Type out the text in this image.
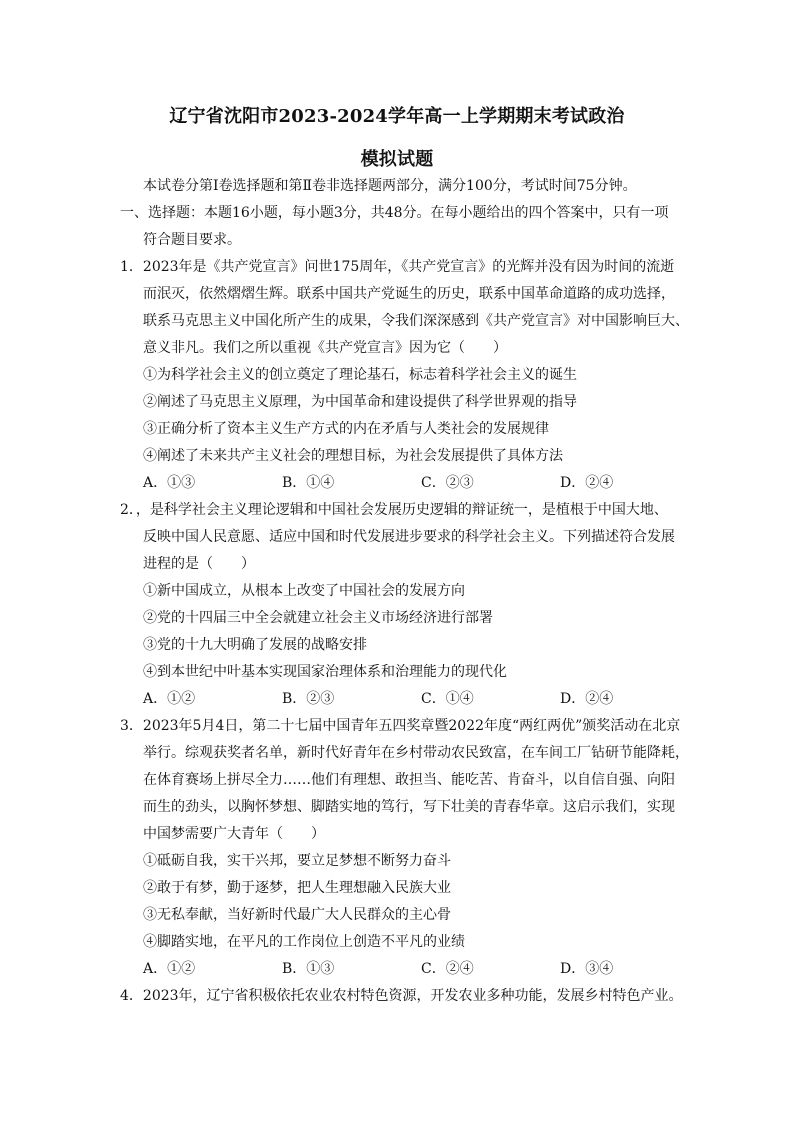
辽宁省沈阳市2023-2024学年高一上学期期末考试政治
模拟试题
本试卷分第Ⅰ卷选择题和第Ⅱ卷非选择题两部分，满分100分，考试时间75分钟。
一、选择题：本题16小题，每小题3分，共48分。在每小题给出的四个答案中，只有一项
符合题目要求。
1．2023年是《共产党宣言》问世175周年，《共产党宣言》的光辉并没有因为时间的流逝
而泯灭，依然熠熠生辉。联系中国共产党诞生的历史，联系中国革命道路的成功选择，
联系马克思主义中国化所产生的成果，令我们深深感到《共产党宣言》对中国影响巨大、
意义非凡。我们之所以重视《共产党宣言》因为它（　　）
①为科学社会主义的创立奠定了理论基石，标志着科学社会主义的诞生
②阐述了马克思主义原理，为中国革命和建设提供了科学世界观的指导
③正确分析了资本主义生产方式的内在矛盾与人类社会的发展规律
④阐述了未来共产主义社会的理想目标，为社会发展提供了具体方法
A．①③	B．①④	C．②③	D．②④
2．，是科学社会主义理论逻辑和中国社会发展历史逻辑的辩证统一，是植根于中国大地、
反映中国人民意愿、适应中国和时代发展进步要求的科学社会主义。下列描述符合发展
进程的是（　　）
①新中国成立，从根本上改变了中国社会的发展方向
②党的十四届三中全会就建立社会主义市场经济进行部署
③党的十九大明确了发展的战略安排
④到本世纪中叶基本实现国家治理体系和治理能力的现代化
A．①②	B．②③	C．①④	D．②④
3．2023年5月4日，第二十七届中国青年五四奖章暨2022年度“两红两优”颁奖活动在北京
举行。综观获奖者名单，新时代好青年在乡村带动农民致富，在车间工厂钻研节能降耗，
在体育赛场上拼尽全力……他们有理想、敢担当、能吃苦、肯奋斗，以自信自强、向阳
而生的劲头，以胸怀梦想、脚踏实地的笃行，写下壮美的青春华章。这启示我们，实现
中国梦需要广大青年（　　）
①砥砺自我，实干兴邦，要立足梦想不断努力奋斗
②敢于有梦，勤于逐梦，把人生理想融入民族大业
③无私奉献，当好新时代最广大人民群众的主心骨
④脚踏实地，在平凡的工作岗位上创造不平凡的业绩
A．①②	B．①③	C．②④	D．③④
4．2023年，辽宁省积极依托农业农村特色资源，开发农业多种功能，发展乡村特色产业。
